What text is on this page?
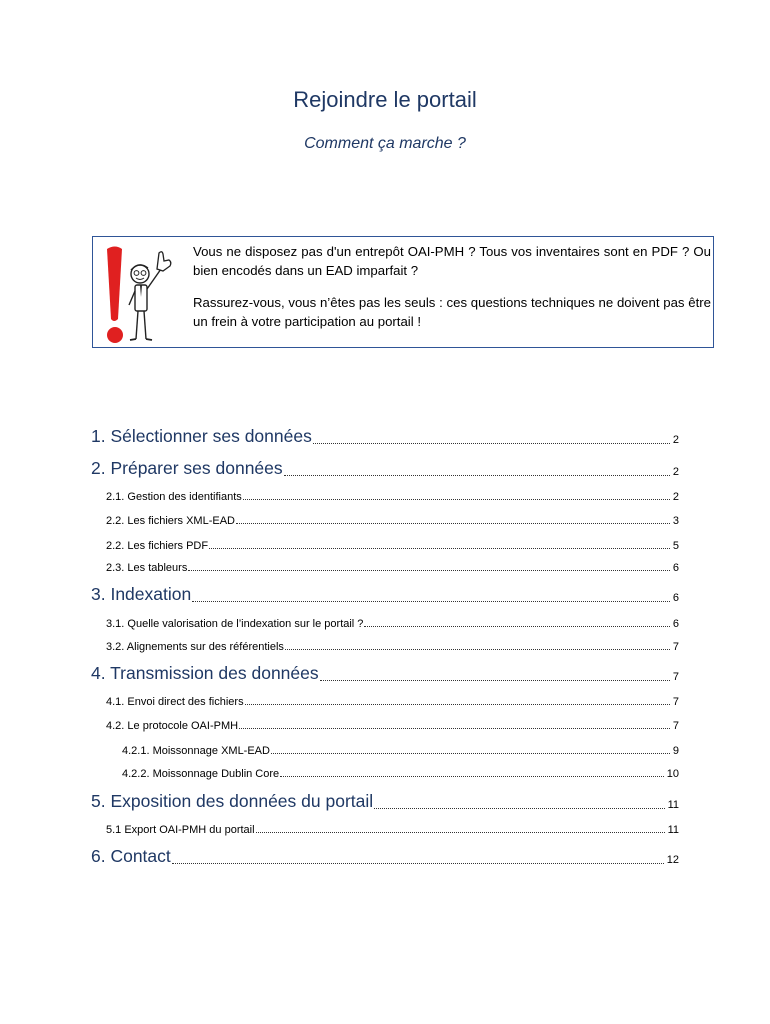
Rejoindre le portail
Comment ça marche ?

Vous ne disposez pas d'un entrepôt OAI-PMH ? Tous vos inventaires sont en PDF ? Ou bien encodés dans un EAD imparfait ?

Rassurez-vous, vous n’êtes pas les seuls : ces questions techniques ne doivent pas être un frein à votre participation au portail !

1. Sélectionner ses données	2
2. Préparer ses données	2
2.1. Gestion des identifiants	2
2.2. Les fichiers XML-EAD	3
2.2. Les fichiers PDF	5
2.3. Les tableurs	6
3. Indexation	6
3.1. Quelle valorisation de l’indexation sur le portail ?	6
3.2. Alignements sur des référentiels	7
4. Transmission des données	7
4.1. Envoi direct des fichiers	7
4.2. Le protocole OAI-PMH	7
4.2.1. Moissonnage XML-EAD	9
4.2.2. Moissonnage Dublin Core	10
5. Exposition des données du portail	11
5.1 Export OAI-PMH du portail	11
6. Contact	12
